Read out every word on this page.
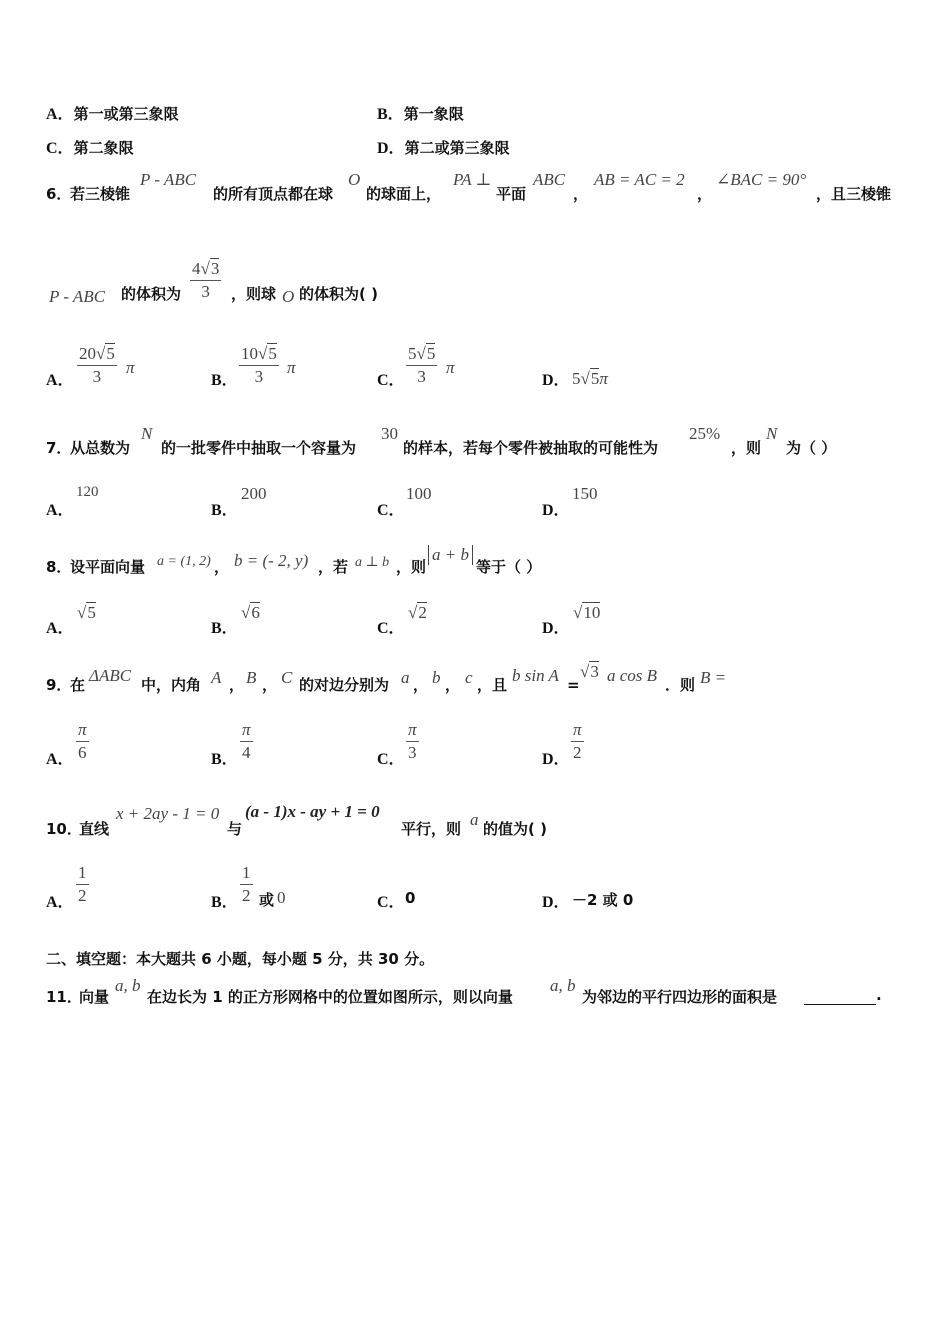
A．第一或第三象限	B．第一象限
C．第二象限	D．第二或第三象限
6．
若三棱锥
P - ABC
的所有顶点都在球
O
的球面上，
PA ⊥
平面
ABC
，
AB = AC = 2
，
∠BAC = 90°
，且三棱锥
P - ABC 的体积为 $\frac{4√3}{3}$ ，则球 O 的体积为( )
A． $\frac{20√5}{3}$ π
B． $\frac{10√5}{3}$ π
C． $\frac{5√5}{3}$ π
D． 5√5π
7．
从总数为
N
的一批零件中抽取一个容量为
30
的样本，若每个零件被抽取的可能性为
25%
，则
N
为（ ）
A．
120
B．
200
C．
100
D．
150
8．
设平面向量 a = (1, 2) ， b = (- 2, y) ，若 a ⊥ b ，则
a + b
等于（ ）
A．
√5
B．
√6
C．
√2
D．
√10
9．
在 ΔABC 中，内角 A ， B ， C 的对边分别为 a ， b ， c ，且 b sin A =
√3 a cos B ．则 B =
A． $\frac{\pi}{6}$	B． $\frac{\pi}{4}$	C． $\frac{\pi}{3}$	D． $\frac{\pi}{2}$
10．
直线
x + 2ay - 1 = 0
与
(a - 1)x - ay + 1 = 0
平行，则 a 的值为( )
A． $\frac{1}{2}$	B． $\frac{1}{2}$ 或 0	C． 0	D． －2 或 0
二、填空题：本大题共 6 小题，每小题 5 分，共 30 分。
11．
向量
a, b
在边长为 1 的正方形网格中的位置如图所示，则以向量
a, b
为邻边的平行四边形的面积是
	.
